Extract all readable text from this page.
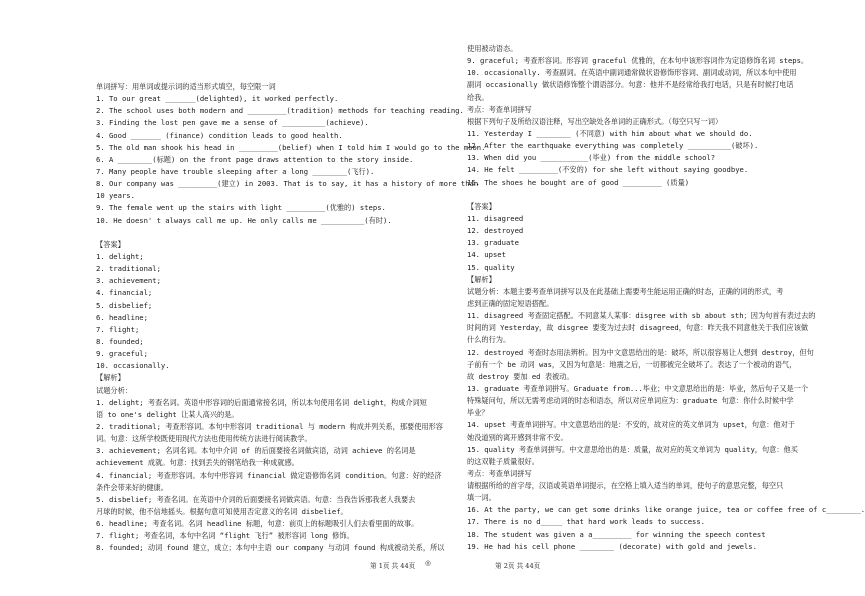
单词拼写：用单词或提示词的适当形式填空，每空限一词
1. To our great _______(delighted), it worked perfectly.
2. The school uses both modern and _________(tradition) methods for teaching reading.
3. Finding the lost pen gave me a sense of __________(achieve).
4. Good _______ (finance) condition leads to good health.
5. The old man shook his head in _________(belief) when I told him I would go to the moon.
6. A ________(标题) on the front page draws attention to the story inside.
7. Many people have trouble sleeping after a long ________(飞行).
8. Our company was _________(建立) in 2003. That is to say, it has a history of more than
10 years.
9. The female went up the stairs with light _________(优雅的) steps.
10. He doesn' t always call me up. He only calls me __________(有时).
【答案】
1. delight;
2. traditional;
3. achievement;
4. financial;
5. disbelief;
6. headline;
7. flight;
8. founded;
9. graceful;
10. occasionally.
【解析】
试题分析：
1. delight; 考查名词。英语中形容词的后面通常接名词，所以本句使用名词 delight，构成介词短
语 to one's delight 让某人高兴的是。
2. traditional; 考查形容词。本句中形容词 traditional 与 modern 构成并列关系，那要使用形容
词。句意：这所学校既使用现代方法也使用传统方法进行阅读教学。
3. achievement; 名词名词。本句中介词 of 的后面要接名词做宾语，动词 achieve 的名词是
achievement 成就。句意：找到丢失的钢笔给我一种成就感。
4. financial; 考查形容词。本句中形容词 financial 做定语修饰名词 condition。句意：好的经济
条件会带来好的健康。
5. disbelief; 考查名词。在英语中介词的后面要接名词做宾语。句意：当我告诉那我老人我要去
月球的时候，他不信地摇头。根据句意可知使用否定意义的名词 disbelief。
6. headline; 考查名词。名词 headline 标题，句意：前页上的标题吸引人们去看里面的故事。
7. flight; 考查名词，本句中名词 “flight 飞行” 被形容词 long 修饰。
8. founded; 动词 found 建立，成立；本句中主语 our company 与动词 found 构成被动关系，所以
使用被动语态。
9. graceful; 考查形容词。形容词 graceful 优雅的，在本句中该形容词作为定语修饰名词 steps。
10. occasionally. 考查副词。在英语中副词通常做状语修饰形容词、副词或动词，所以本句中使用
副词 occasionally 做状语修饰整个谓语部分。句意：他并不是经常给我打电话，只是有时候打电话
给我。
考点：考查单词拼写
根据下列句子及所给汉语注释，写出空缺处各单词的正确形式。（每空只写一词）
11. Yesterday I ________ (不同意) with him about what we should do.
12. After the earthquake everything was completely __________(破坏).
13. When did you ___________(毕业) from the middle school?
14. He felt _________(不安的) for she left without saying goodbye.
15. The shoes he bought are of good _________ (质量)
【答案】
11. disagreed
12. destroyed
13. graduate
14. upset
15. quality
【解析】
试题分析：本题主要考查单词拼写以及在此基础上需要考生能运用正确的时态，正确的词的形式，考
虑到正确的固定短语搭配。
11. disagreed 考查固定搭配。不同意某人某事：disgree with sb about sth；因为句首有表过去的
时间的词 Yesterday，故 disgree 要变为过去时 disagreed，句意：昨天我不同意他关于我们应该做
什么的行为。
12. destroyed 考查时态用法辨析。因为中文意思给出的是：破坏，所以很容易让人想到 destroy，但句
子前有一个 be 动词 was，又因为句意是：地震之后，一切都被完全破坏了。表达了一个被动的语气，
故 destroy 要加 ed 表被动。
13. graduate 考查单词拼写。Graduate from...毕业；中文意思给出的是：毕业，然后句子又是一个
特殊疑问句，所以无需考虑动词的时态和语态，所以对应单词应为：graduate 句意：你什么时候中学
毕业？
14. upset 考查单词拼写。中文意思给出的是：不安的，故对应的英文单词为 upset，句意：他对于
她没道别的离开感到非常不安。
15. quality 考查单词拼写。中文意思给出的是：质量，故对应的英文单词为 quality，句意：他买
的这双鞋子质量很好。
考点：考查单词拼写
请根据所给的首字母，汉语或英语单词提示，在空格上填入适当的单词，使句子的意思完整，每空只
填一词。
16. At the party, we can get some drinks like orange juice, tea or coffee free of c________.
17. There is no d_____ that hard work leads to success.
18. The student was given a a_________ for winning the speech contest
19. He had his cell phone ________ (decorate) with gold and jewels.
第 1页 共 44页 ◎	第 2页 共 44页
